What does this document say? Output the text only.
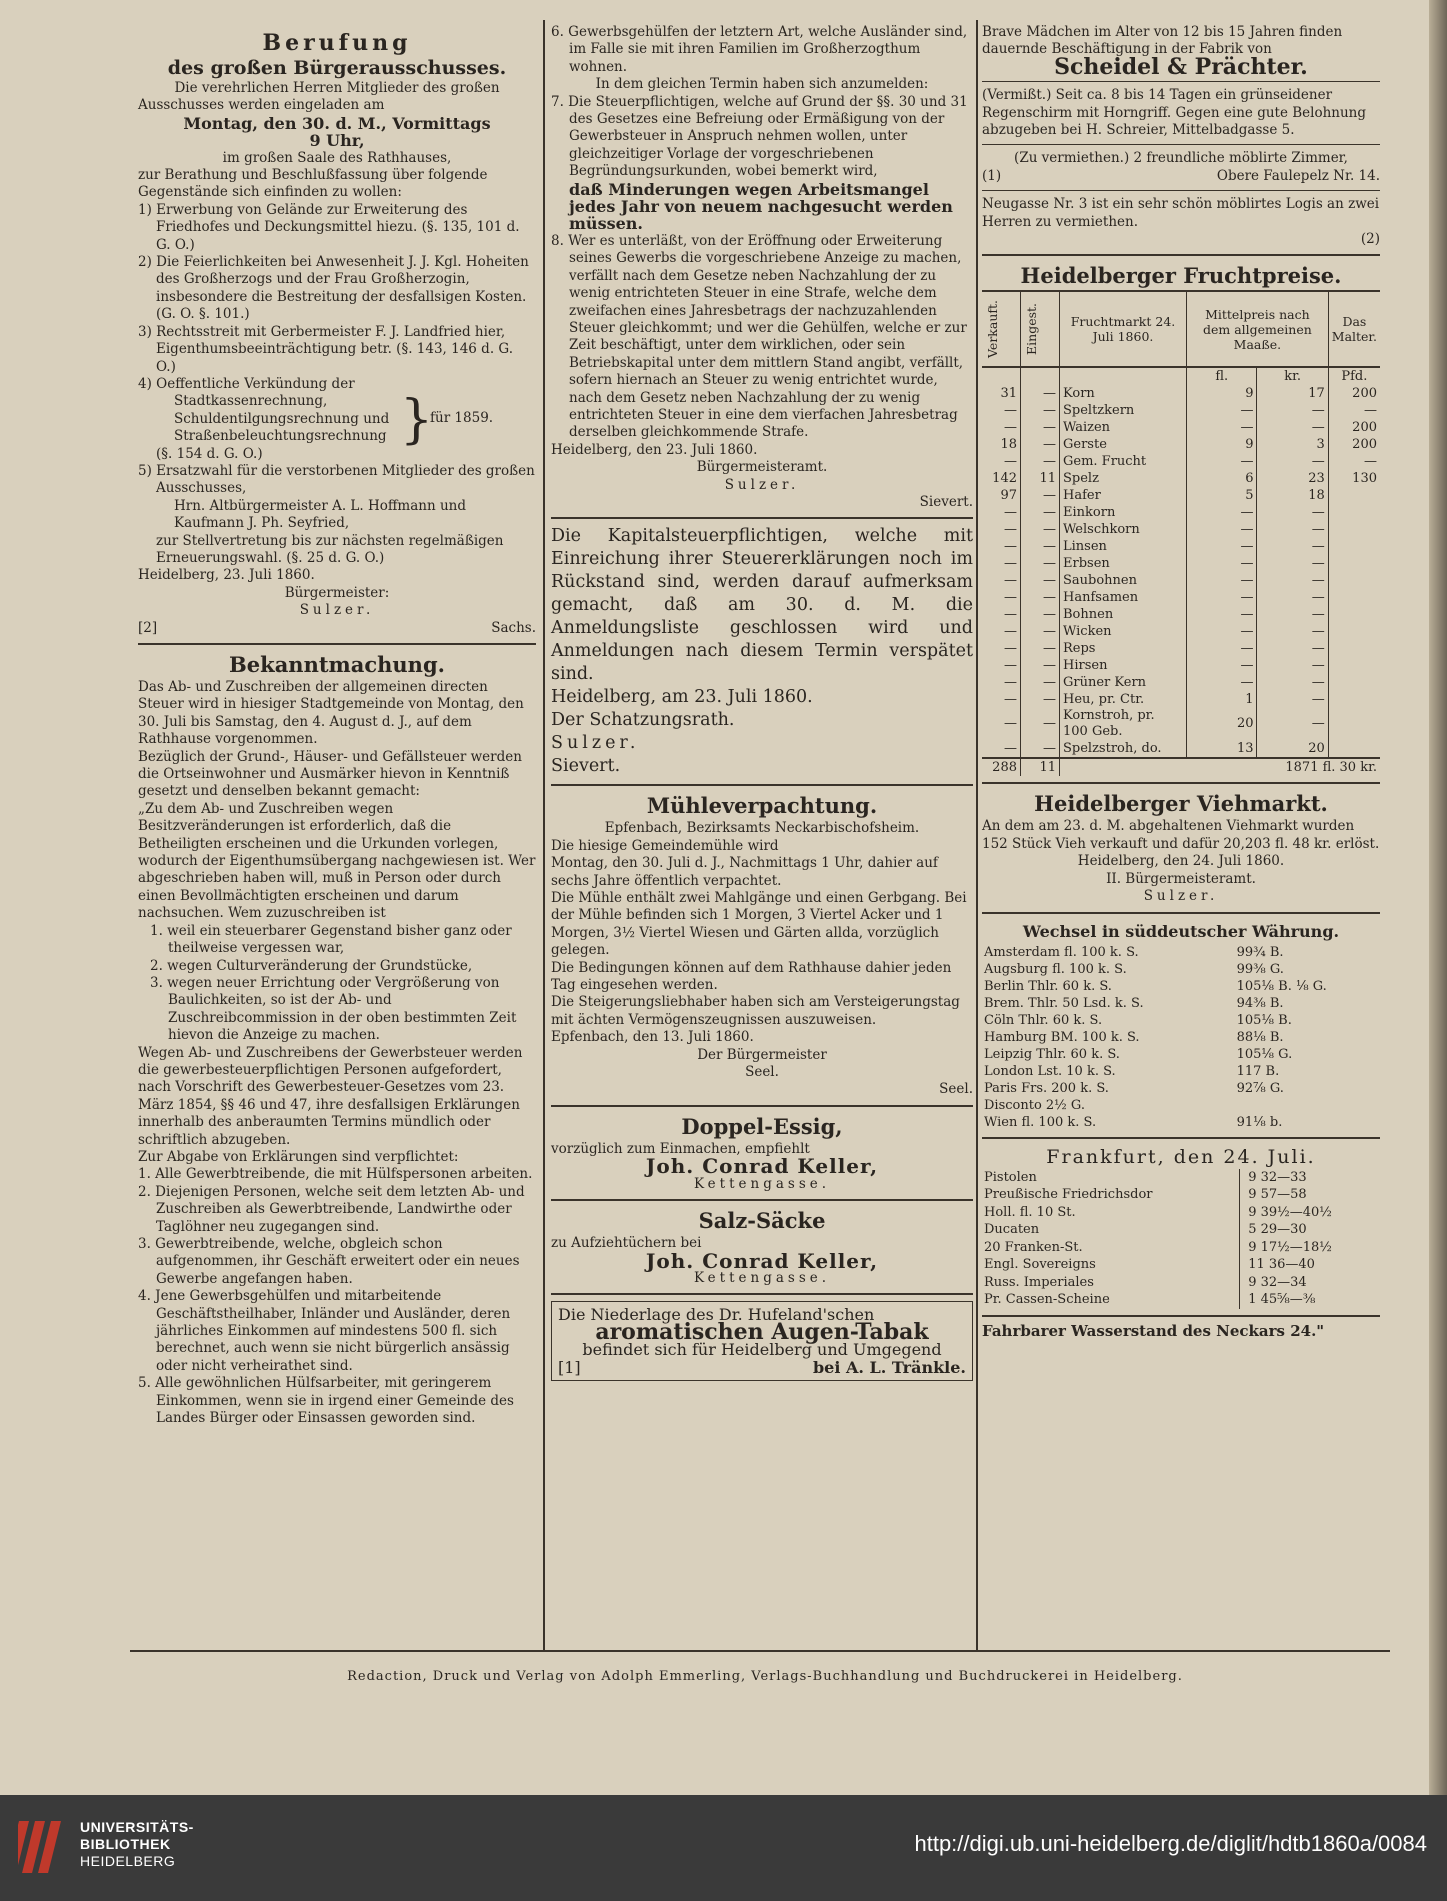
Berufung

des großen Bürgerausschusses.

Die verehrlichen Herren Mitglieder des großen

Ausschusses werden eingeladen am

Montag, den 30. d. M., Vormittags

9 Uhr,

im großen Saale des Rathhauses,

zur Berathung und Beschlußfassung über folgende Gegenstände sich einfinden zu wollen:

1) Erwerbung von Gelände zur Erweiterung des Friedhofes und Deckungsmittel hiezu. (§. 135, 101 d. G. O.)

2) Die Feierlichkeiten bei Anwesenheit J. J. Kgl. Hoheiten des Großherzogs und der Frau Großherzogin, insbesondere die Bestreitung der desfallsigen Kosten. (G. O. §. 101.)

3) Rechtsstreit mit Gerbermeister F. J. Landfried hier, Eigenthumsbeeinträchtigung betr. (§. 143, 146 d. G. O.)

4) Oeffentliche Verkündung der

Stadtkassenrechnung,

Schuldentilgungsrechnung und

Straßenbeleuchtungsrechnung }
für 1859.

(§. 154 d. G. O.)

5) Ersatzwahl für die verstorbenen Mitglieder des großen Ausschusses,

Hrn. Altbürgermeister A. L. Hoffmann und Kaufmann J. Ph. Seyfried,

zur Stellvertretung bis zur nächsten regelmäßigen Erneuerungswahl. (§. 25 d. G. O.)

Heidelberg, 23. Juli 1860.

Bürgermeister:

Sulzer.

[2]	Sachs.

Bekanntmachung.

Das Ab- und Zuschreiben der allgemeinen directen Steuer wird in hiesiger Stadtgemeinde von Montag, den 30. Juli bis Samstag, den 4. August d. J., auf dem Rathhause vorgenommen.

Bezüglich der Grund-, Häuser- und Gefällsteuer werden die Ortseinwohner und Ausmärker hievon in Kenntniß gesetzt und denselben bekannt gemacht:

„Zu dem Ab- und Zuschreiben wegen Besitzveränderungen ist erforderlich, daß die Betheiligten erscheinen und die Urkunden vorlegen, wodurch der Eigenthumsübergang nachgewiesen ist. Wer abgeschrieben haben will, muß in Person oder durch einen Bevollmächtigten erscheinen und darum nachsuchen. Wem zuzuschreiben ist

1. weil ein steuerbarer Gegenstand bisher ganz oder theilweise vergessen war,

2. wegen Culturveränderung der Grundstücke,

3. wegen neuer Errichtung oder Vergrößerung von Baulichkeiten, so ist der Ab- und Zuschreibcommission in der oben bestimmten Zeit hievon die Anzeige zu machen.

Wegen Ab- und Zuschreibens der Gewerbsteuer werden die gewerbesteuerpflichtigen Personen aufgefordert, nach Vorschrift des Gewerbesteuer-Gesetzes vom 23. März 1854, §§ 46 und 47, ihre desfallsigen Erklärungen innerhalb des anberaumten Termins mündlich oder schriftlich abzugeben.

Zur Abgabe von Erklärungen sind verpflichtet:

1. Alle Gewerbtreibende, die mit Hülfspersonen arbeiten.

2. Diejenigen Personen, welche seit dem letzten Ab- und Zuschreiben als Gewerbtreibende, Landwirthe oder Taglöhner neu zugegangen sind.

3. Gewerbtreibende, welche, obgleich schon aufgenommen, ihr Geschäft erweitert oder ein neues Gewerbe angefangen haben.

4. Jene Gewerbsgehülfen und mitarbeitende Geschäftstheilhaber, Inländer und Ausländer, deren jährliches Einkommen auf mindestens 500 fl. sich berechnet, auch wenn sie nicht bürgerlich ansässig oder nicht verheirathet sind.

5. Alle gewöhnlichen Hülfsarbeiter, mit geringerem Einkommen, wenn sie in irgend einer Gemeinde des Landes Bürger oder Einsassen geworden sind.

6. Gewerbsgehülfen der letztern Art, welche Ausländer sind, im Falle sie mit ihren Familien im Großherzogthum wohnen.

In dem gleichen Termin haben sich anzumelden:

7. Die Steuerpflichtigen, welche auf Grund der §§. 30 und 31 des Gesetzes eine Befreiung oder Ermäßigung von der Gewerbsteuer in Anspruch nehmen wollen, unter gleichzeitiger Vorlage der vorgeschriebenen Begründungsurkunden, wobei bemerkt wird,

daß Minderungen wegen Arbeitsmangel jedes Jahr von neuem nachgesucht werden müssen.

8. Wer es unterläßt, von der Eröffnung oder Erweiterung seines Gewerbs die vorgeschriebene Anzeige zu machen, verfällt nach dem Gesetze neben Nachzahlung der zu wenig entrichteten Steuer in eine Strafe, welche dem zweifachen eines Jahresbetrags der nachzuzahlenden Steuer gleichkommt; und wer die Gehülfen, welche er zur Zeit beschäftigt, unter dem wirklichen, oder sein Betriebskapital unter dem mittlern Stand angibt, verfällt, sofern hiernach an Steuer zu wenig entrichtet wurde, nach dem Gesetz neben Nachzahlung der zu wenig entrichteten Steuer in eine dem vierfachen Jahresbetrag derselben gleichkommende Strafe.

Heidelberg, den 23. Juli 1860.

Bürgermeisteramt.

Sulzer.

Sievert.

Die Kapitalsteuerpflichtigen, welche mit Einreichung ihrer Steuererklärungen noch im Rückstand sind, werden darauf aufmerksam gemacht, daß am 30. d. M. die Anmeldungsliste geschlossen wird und Anmeldungen nach diesem Termin verspätet sind.

Heidelberg, am 23. Juli 1860.

Der Schatzungsrath.

Sulzer.

Sievert.

Mühleverpachtung.

Epfenbach, Bezirksamts Neckarbischofsheim.

Die hiesige Gemeindemühle wird

Montag, den 30. Juli d. J., Nachmittags 1 Uhr, dahier auf sechs Jahre öffentlich verpachtet.

Die Mühle enthält zwei Mahlgänge und einen Gerbgang. Bei der Mühle befinden sich 1 Morgen, 3 Viertel Acker und 1 Morgen, 3½ Viertel Wiesen und Gärten allda, vorzüglich gelegen.

Die Bedingungen können auf dem Rathhause dahier jeden Tag eingesehen werden.

Die Steigerungsliebhaber haben sich am Versteigerungstag mit ächten Vermögenszeugnissen auszuweisen.

Epfenbach, den 13. Juli 1860.

Der Bürgermeister

Seel.

Seel.

Doppel-Essig,

vorzüglich zum Einmachen, empfiehlt

Joh. Conrad Keller,

Kettengasse.

Salz-Säcke

zu Aufziehtüchern bei

Joh. Conrad Keller,

Kettengasse.

Die Niederlage des Dr. Hufeland'schen

aromatischen Augen-Tabak

befindet sich für Heidelberg und Umgegend

[1]	bei A. L. Tränkle.

Brave Mädchen im Alter von 12 bis 15 Jahren finden dauernde Beschäftigung in der Fabrik von

Scheidel & Prächter.

(Vermißt.) Seit ca. 8 bis 14 Tagen ein grünseidener Regenschirm mit Horngriff. Gegen eine gute Belohnung abzugeben bei H. Schreier, Mittelbadgasse 5.

(Zu vermiethen.) 2 freundliche möblirte Zimmer,

(1)	Obere Faulepelz Nr. 14.

Neugasse Nr. 3 ist ein sehr schön möblirtes Logis an zwei Herren zu vermiethen.

(2)

Heidelberger Fruchtpreise.

Verkauft.	Eingest.	Fruchtmarkt 24. Juli 1860.	Mittelpreis nach dem allgemeinen Maaße.		Das Malter.
			fl.	kr.	Pfd.
31	—	Korn	9	17	200
—	—	Speltzkern	—	—	—
—	—	Waizen	—	—	200
18	—	Gerste	9	3	200
—	—	Gem. Frucht	—	—	—
142	11	Spelz	6	23	130
97	—	Hafer	5	18	
—	—	Einkorn	—	—	
—	—	Welschkorn	—	—	
—	—	Linsen	—	—	
—	—	Erbsen	—	—	
—	—	Saubohnen	—	—	
—	—	Hanfsamen	—	—	
—	—	Bohnen	—	—	
—	—	Wicken	—	—	
—	—	Reps	—	—	
—	—	Hirsen	—	—	
—	—	Grüner Kern	—	—	
—	—	Heu, pr. Ctr.	1	—	
—	—	Kornstroh, pr. 100 Geb.	20	—	
—	—	Spelzstroh, do.	13	20	
288	11	1871 fl. 30 kr.			

Heidelberger Viehmarkt.

An dem am 23. d. M. abgehaltenen Viehmarkt wurden 152 Stück Vieh verkauft und dafür 20,203 fl. 48 kr. erlöst.

Heidelberg, den 24. Juli 1860.

II. Bürgermeisteramt.

Sulzer.

Wechsel in süddeutscher Währung.

Amsterdam fl. 100 k. S.	99¾ B.
Augsburg fl. 100 k. S.	99⅜ G.
Berlin Thlr. 60 k. S.	105⅛ B. ⅛ G.
Brem. Thlr. 50 Lsd. k. S.	94⅜ B.
Cöln Thlr. 60 k. S.	105⅛ B.
Hamburg BM. 100 k. S.	88⅛ B.
Leipzig Thlr. 60 k. S.	105⅛ G.
London Lst. 10 k. S.	117 B.
Paris Frs. 200 k. S.	92⅞ G.
Disconto 2½ G.	
Wien fl. 100 k. S.	91⅛ b.

Frankfurt, den 24. Juli.

Pistolen	9 32—33
Preußische Friedrichsdor	9 57—58
Holl. fl. 10 St.	9 39½—40½
Ducaten	5 29—30
20 Franken-St.	9 17½—18½
Engl. Sovereigns	11 36—40
Russ. Imperiales	9 32—34
Pr. Cassen-Scheine	1 45⅝—⅜

Fahrbarer Wasserstand des Neckars 24."

Redaction, Druck und Verlag von Adolph Emmerling, Verlags-Buchhandlung und Buchdruckerei in Heidelberg.

UNIVERSITÄTS-
BIBLIOTHEK
HEIDELBERG
http://digi.ub.uni-heidelberg.de/diglit/hdtb1860a/0084
